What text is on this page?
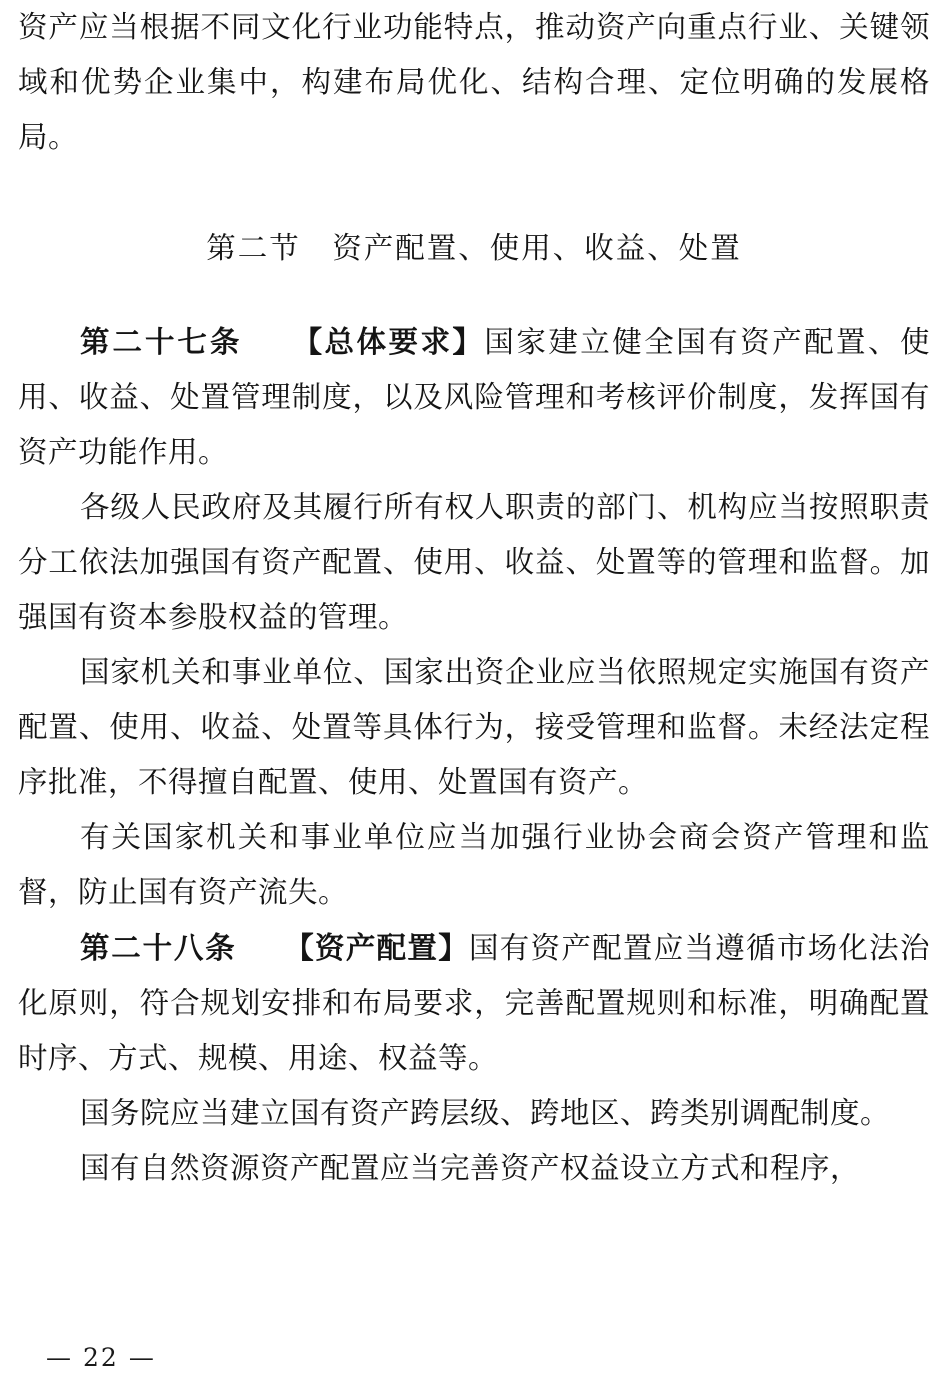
资产应当根据不同文化行业功能特点，推动资产向重点行业、关键领域和优势企业集中，构建布局优化、结构合理、定位明确的发展格局。

第二节　资产配置、使用、收益、处置

第二十七条　　 【总体要求】国家建立健全国有资产配置、使用、收益、处置管理制度，以及风险管理和考核评价制度，发挥国有资产功能作用。

各级人民政府及其履行所有权人职责的部门、机构应当按照职责分工依法加强国有资产配置、使用、收益、处置等的管理和监督。加强国有资本参股权益的管理。

国家机关和事业单位、国家出资企业应当依照规定实施国有资产配置、使用、收益、处置等具体行为，接受管理和监督。未经法定程序批准，不得擅自配置、使用、处置国有资产。

有关国家机关和事业单位应当加强行业协会商会资产管理和监督，防止国有资产流失。

第二十八条　　 【资产配置】国有资产配置应当遵循市场化法治化原则，符合规划安排和布局要求，完善配置规则和标准，明确配置时序、方式、规模、用途、权益等。

国务院应当建立国有资产跨层级、跨地区、跨类别调配制度。

国有自然资源资产配置应当完善资产权益设立方式和程序，

— 22 —
